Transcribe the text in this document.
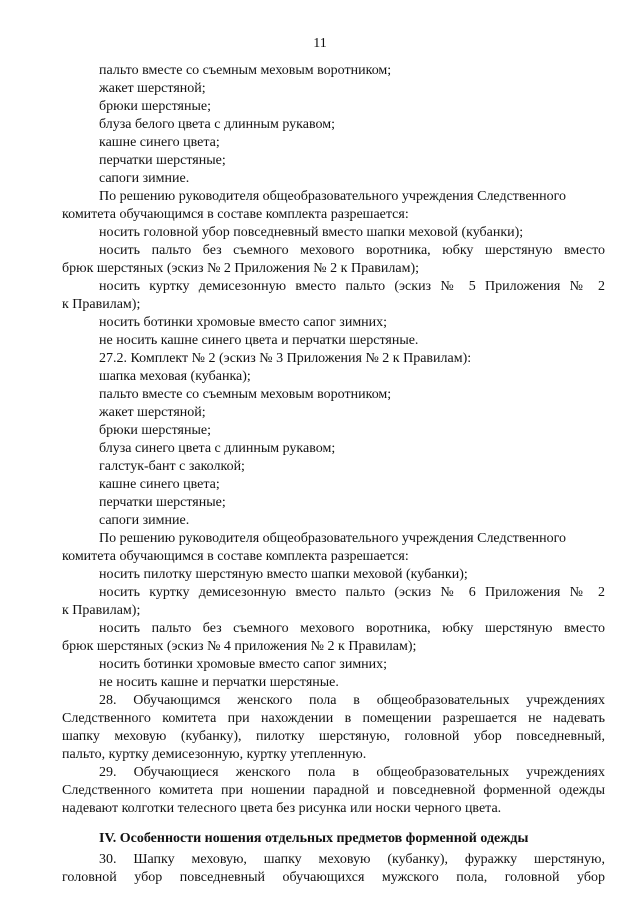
11
пальто вместе со съемным меховым воротником;
жакет шерстяной;
брюки шерстяные;
блуза белого цвета с длинным рукавом;
кашне синего цвета;
перчатки шерстяные;
сапоги зимние.
По решению руководителя общеобразовательного учреждения Следственного
комитета обучающимся в составе комплекта разрешается:
носить головной убор повседневный вместо шапки меховой (кубанки);
носить пальто без съемного мехового воротника, юбку шерстяную вместо
брюк шерстяных (эскиз № 2 Приложения № 2 к Правилам);
носить куртку демисезонную вместо пальто (эскиз № 5 Приложения № 2
к Правилам);
носить ботинки хромовые вместо сапог зимних;
не носить кашне синего цвета и перчатки шерстяные.
27.2. Комплект № 2 (эскиз № 3 Приложения № 2 к Правилам):
шапка меховая (кубанка);
пальто вместе со съемным меховым воротником;
жакет шерстяной;
брюки шерстяные;
блуза синего цвета с длинным рукавом;
галстук-бант с заколкой;
кашне синего цвета;
перчатки шерстяные;
сапоги зимние.
По решению руководителя общеобразовательного учреждения Следственного
комитета обучающимся в составе комплекта разрешается:
носить пилотку шерстяную вместо шапки меховой (кубанки);
носить куртку демисезонную вместо пальто (эскиз № 6 Приложения № 2
к Правилам);
носить пальто без съемного мехового воротника, юбку шерстяную вместо
брюк шерстяных (эскиз № 4 приложения № 2 к Правилам);
носить ботинки хромовые вместо сапог зимних;
не носить кашне и перчатки шерстяные.
28. Обучающимся женского пола в общеобразовательных учреждениях
Следственного комитета при нахождении в помещении разрешается не надевать
шапку меховую (кубанку), пилотку шерстяную, головной убор повседневный,
пальто, куртку демисезонную, куртку утепленную.
29. Обучающиеся женского пола в общеобразовательных учреждениях
Следственного комитета при ношении парадной и повседневной форменной одежды
надевают колготки телесного цвета без рисунка или носки черного цвета.
IV. Особенности ношения отдельных предметов форменной одежды
30. Шапку меховую, шапку меховую (кубанку), фуражку шерстяную,
головной убор повседневный обучающихся мужского пола, головной убор
